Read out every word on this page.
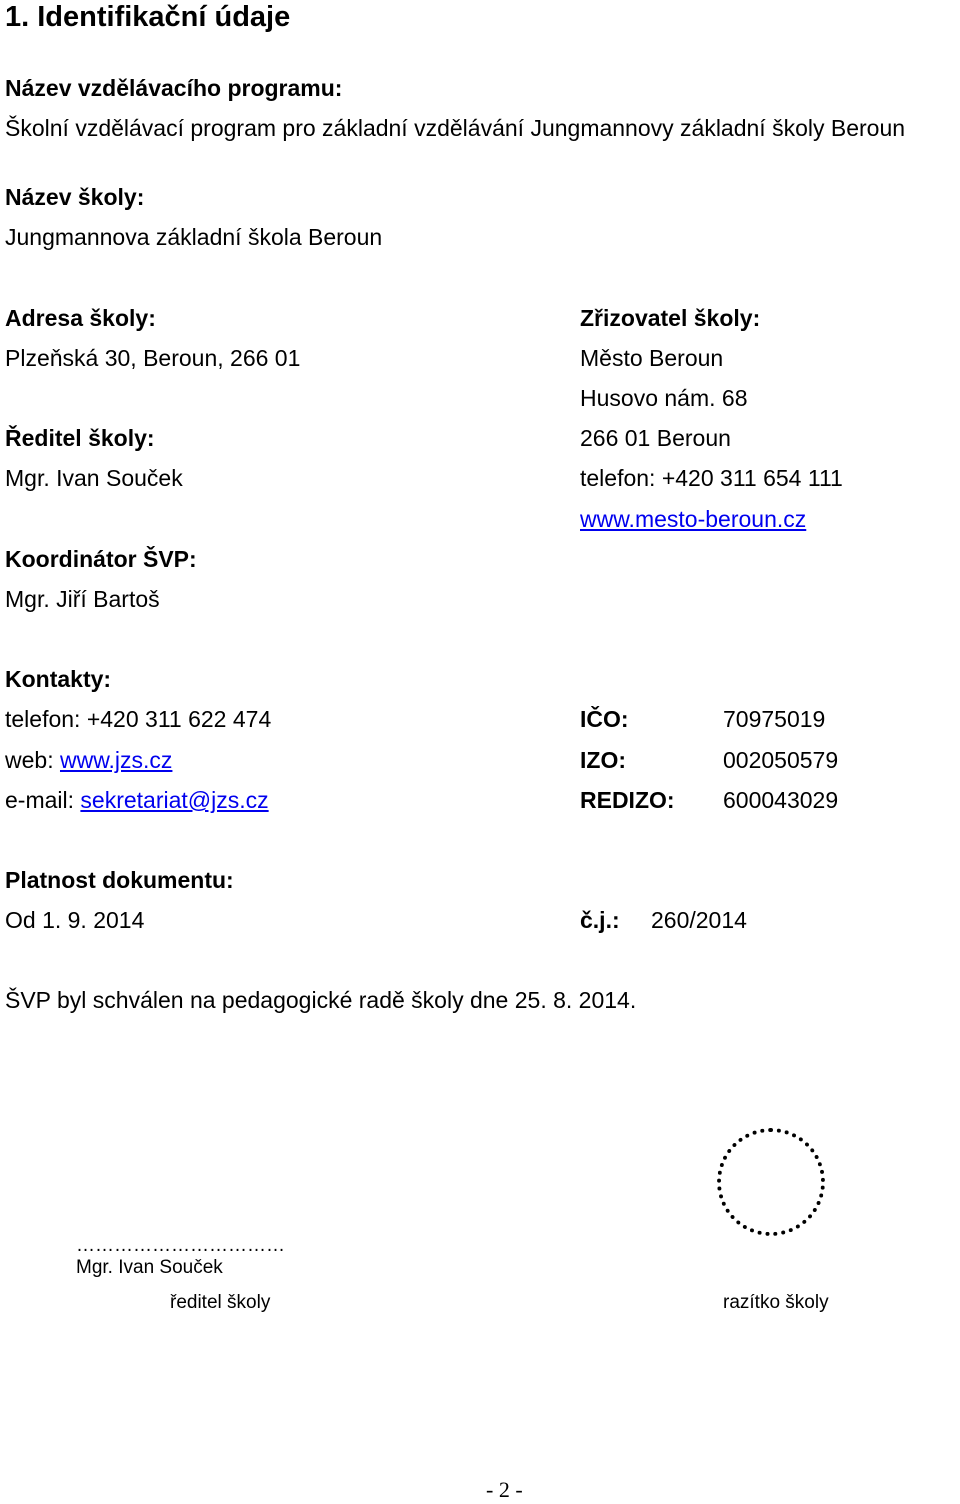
1. Identifikační údaje
Název vzdělávacího programu:
Školní vzdělávací program pro základní vzdělávání Jungmannovy základní školy Beroun
Název školy:
Jungmannova základní škola Beroun
Adresa školy:
Plzeňská 30, Beroun, 266 01
Zřizovatel školy:
Město Beroun
Husovo nám. 68
266 01 Beroun
telefon: +420 311 654 111
www.mesto-beroun.cz
Ředitel školy:
Mgr. Ivan Souček
Koordinátor ŠVP:
Mgr. Jiří Bartoš
Kontakty:
telefon: +420 311 622 474
web: www.jzs.cz
e-mail: sekretariat@jzs.cz
IČO:	70975019
IZO:	002050579
REDIZO: 600043029
Platnost dokumentu:
Od 1. 9. 2014	č.j.: 260/2014
ŠVP byl schválen na pedagogické radě školy dne 25. 8. 2014.
……………………………
Mgr. Ivan Souček
ředitel školy	razítko školy
- 2 -
